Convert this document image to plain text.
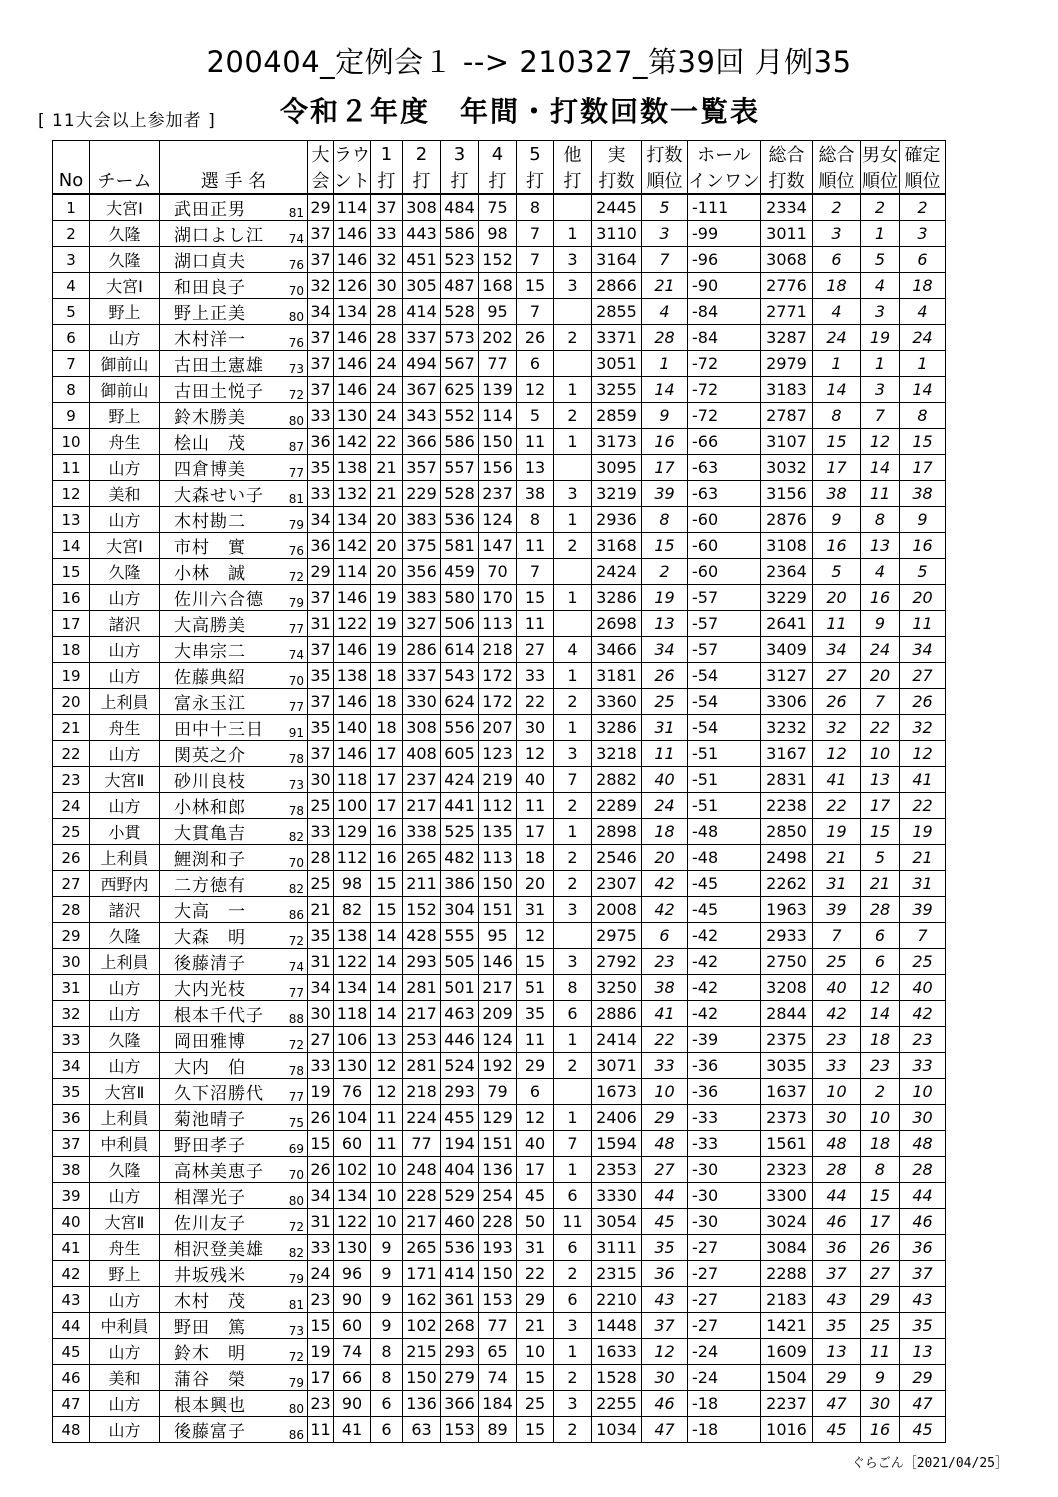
200404_定例会１ --> 210327_第39回 月例35
[ 11大会以上参加者 ] 令和２年度　年間・打数回数一覧表
			大	ラウ	1	2	3	4	5	他	実	打数	ホール	総合	総合	男女	確定
No	チーム	選 手 名	会	ント	打	打	打	打	打	打	打数	順位	インワン	打数	順位	順位	順位
1	大宮Ⅰ	武田正男 81	29	114	37	308	484	75	8		2445	5	-111	2334	2	2	2
2	久隆	湖口よし江 74	37	146	33	443	586	98	7	1	3110	3	-99	3011	3	1	3
3	久隆	湖口貞夫 76	37	146	32	451	523	152	7	3	3164	7	-96	3068	6	5	6
4	大宮Ⅰ	和田良子 70	32	126	30	305	487	168	15	3	2866	21	-90	2776	18	4	18
5	野上	野上正美 80	34	134	28	414	528	95	7		2855	4	-84	2771	4	3	4
6	山方	木村洋一 76	37	146	28	337	573	202	26	2	3371	28	-84	3287	24	19	24
7	御前山	古田土憲雄 73	37	146	24	494	567	77	6		3051	1	-72	2979	1	1	1
8	御前山	古田土悦子 72	37	146	24	367	625	139	12	1	3255	14	-72	3183	14	3	14
9	野上	鈴木勝美 80	33	130	24	343	552	114	5	2	2859	9	-72	2787	8	7	8
10	舟生	桧山　茂 87	36	142	22	366	586	150	11	1	3173	16	-66	3107	15	12	15
11	山方	四倉博美 77	35	138	21	357	557	156	13		3095	17	-63	3032	17	14	17
12	美和	大森せい子 81	33	132	21	229	528	237	38	3	3219	39	-63	3156	38	11	38
13	山方	木村勘二 79	34	134	20	383	536	124	8	1	2936	8	-60	2876	9	8	9
14	大宮Ⅰ	市村　實 76	36	142	20	375	581	147	11	2	3168	15	-60	3108	16	13	16
15	久隆	小林　誠 72	29	114	20	356	459	70	7		2424	2	-60	2364	5	4	5
16	山方	佐川六合德 79	37	146	19	383	580	170	15	1	3286	19	-57	3229	20	16	20
17	諸沢	大高勝美 77	31	122	19	327	506	113	11		2698	13	-57	2641	11	9	11
18	山方	大串宗二 74	37	146	19	286	614	218	27	4	3466	34	-57	3409	34	24	34
19	山方	佐藤典紹 70	35	138	18	337	543	172	33	1	3181	26	-54	3127	27	20	27
20	上利員	富永玉江 77	37	146	18	330	624	172	22	2	3360	25	-54	3306	26	7	26
21	舟生	田中十三日 91	35	140	18	308	556	207	30	1	3286	31	-54	3232	32	22	32
22	山方	関英之介 78	37	146	17	408	605	123	12	3	3218	11	-51	3167	12	10	12
23	大宮Ⅱ	砂川良枝 73	30	118	17	237	424	219	40	7	2882	40	-51	2831	41	13	41
24	山方	小林和郎 78	25	100	17	217	441	112	11	2	2289	24	-51	2238	22	17	22
25	小貫	大貫亀吉 82	33	129	16	338	525	135	17	1	2898	18	-48	2850	19	15	19
26	上利員	鯉渕和子 70	28	112	16	265	482	113	18	2	2546	20	-48	2498	21	5	21
27	西野内	二方徳有 82	25	98	15	211	386	150	20	2	2307	42	-45	2262	31	21	31
28	諸沢	大高　一 86	21	82	15	152	304	151	31	3	2008	42	-45	1963	39	28	39
29	久隆	大森　明 72	35	138	14	428	555	95	12		2975	6	-42	2933	7	6	7
30	上利員	後藤清子 74	31	122	14	293	505	146	15	3	2792	23	-42	2750	25	6	25
31	山方	大内光枝 77	34	134	14	281	501	217	51	8	3250	38	-42	3208	40	12	40
32	山方	根本千代子 88	30	118	14	217	463	209	35	6	2886	41	-42	2844	42	14	42
33	久隆	岡田雅博 72	27	106	13	253	446	124	11	1	2414	22	-39	2375	23	18	23
34	山方	大内　伯 78	33	130	12	281	524	192	29	2	3071	33	-36	3035	33	23	33
35	大宮Ⅱ	久下沼勝代 77	19	76	12	218	293	79	6		1673	10	-36	1637	10	2	10
36	上利員	菊池晴子 75	26	104	11	224	455	129	12	1	2406	29	-33	2373	30	10	30
37	中利員	野田孝子 69	15	60	11	77	194	151	40	7	1594	48	-33	1561	48	18	48
38	久隆	高林美恵子 70	26	102	10	248	404	136	17	1	2353	27	-30	2323	28	8	28
39	山方	相澤光子 80	34	134	10	228	529	254	45	6	3330	44	-30	3300	44	15	44
40	大宮Ⅱ	佐川友子 72	31	122	10	217	460	228	50	11	3054	45	-30	3024	46	17	46
41	舟生	相沢登美雄 82	33	130	9	265	536	193	31	6	3111	35	-27	3084	36	26	36
42	野上	井坂残米 79	24	96	9	171	414	150	22	2	2315	36	-27	2288	37	27	37
43	山方	木村　茂 81	23	90	9	162	361	153	29	6	2210	43	-27	2183	43	29	43
44	中利員	野田　篤 73	15	60	9	102	268	77	21	3	1448	37	-27	1421	35	25	35
45	山方	鈴木　明 72	19	74	8	215	293	65	10	1	1633	12	-24	1609	13	11	13
46	美和	蒲谷　榮 79	17	66	8	150	279	74	15	2	1528	30	-24	1504	29	9	29
47	山方	根本興也 80	23	90	6	136	366	184	25	3	2255	46	-18	2237	47	30	47
48	山方	後藤富子 86	11	41	6	63	153	89	15	2	1034	47	-18	1016	45	16	45
ぐらごん［2021/04/25］
